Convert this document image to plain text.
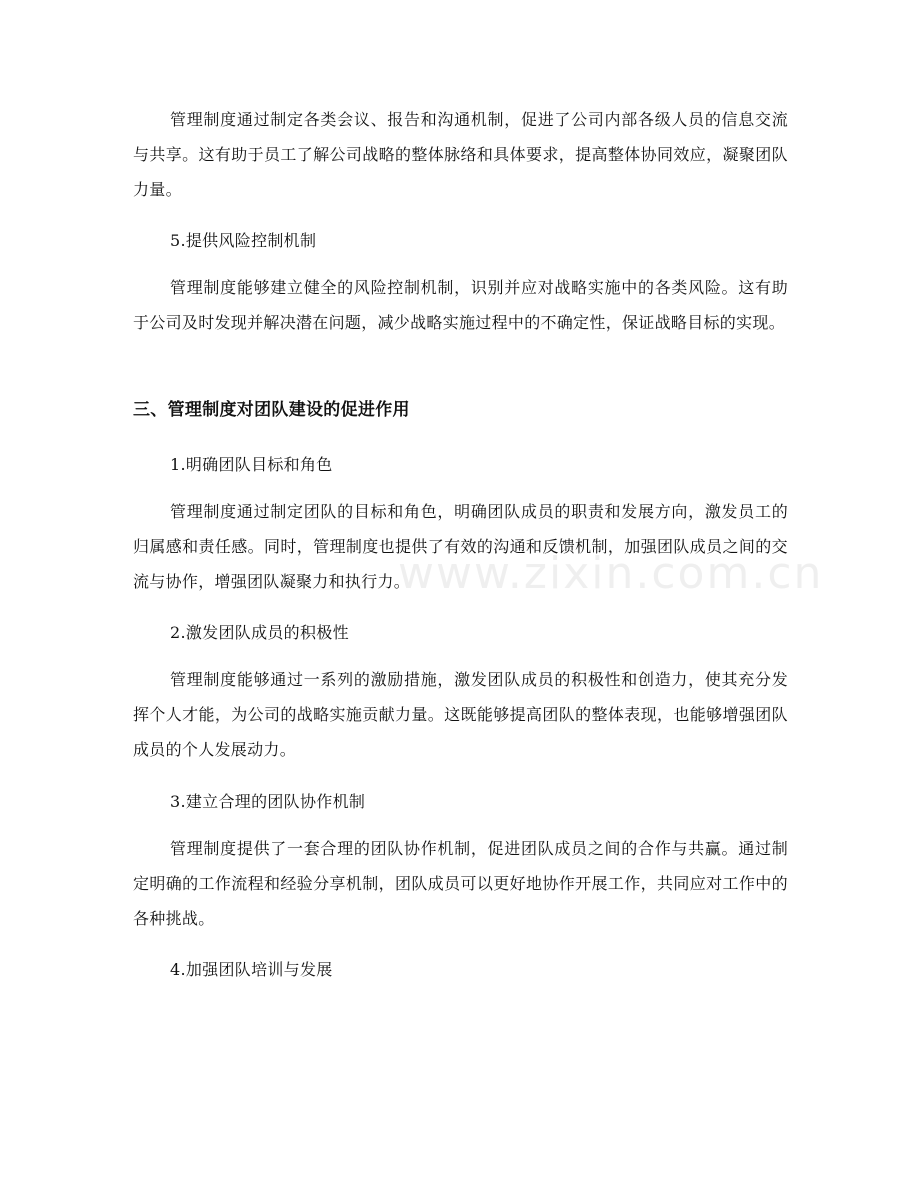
管理制度通过制定各类会议、报告和沟通机制，促进了公司内部各级人员的信息交流与共享。这有助于员工了解公司战略的整体脉络和具体要求，提高整体协同效应，凝聚团队力量。
5.提供风险控制机制
管理制度能够建立健全的风险控制机制，识别并应对战略实施中的各类风险。这有助于公司及时发现并解决潜在问题，减少战略实施过程中的不确定性，保证战略目标的实现。
三、管理制度对团队建设的促进作用
1.明确团队目标和角色
管理制度通过制定团队的目标和角色，明确团队成员的职责和发展方向，激发员工的归属感和责任感。同时，管理制度也提供了有效的沟通和反馈机制，加强团队成员之间的交流与协作，增强团队凝聚力和执行力。
2.激发团队成员的积极性
管理制度能够通过一系列的激励措施，激发团队成员的积极性和创造力，使其充分发挥个人才能，为公司的战略实施贡献力量。这既能够提高团队的整体表现，也能够增强团队成员的个人发展动力。
3.建立合理的团队协作机制
管理制度提供了一套合理的团队协作机制，促进团队成员之间的合作与共赢。通过制定明确的工作流程和经验分享机制，团队成员可以更好地协作开展工作，共同应对工作中的各种挑战。
4.加强团队培训与发展
www.zixin.com.cn
